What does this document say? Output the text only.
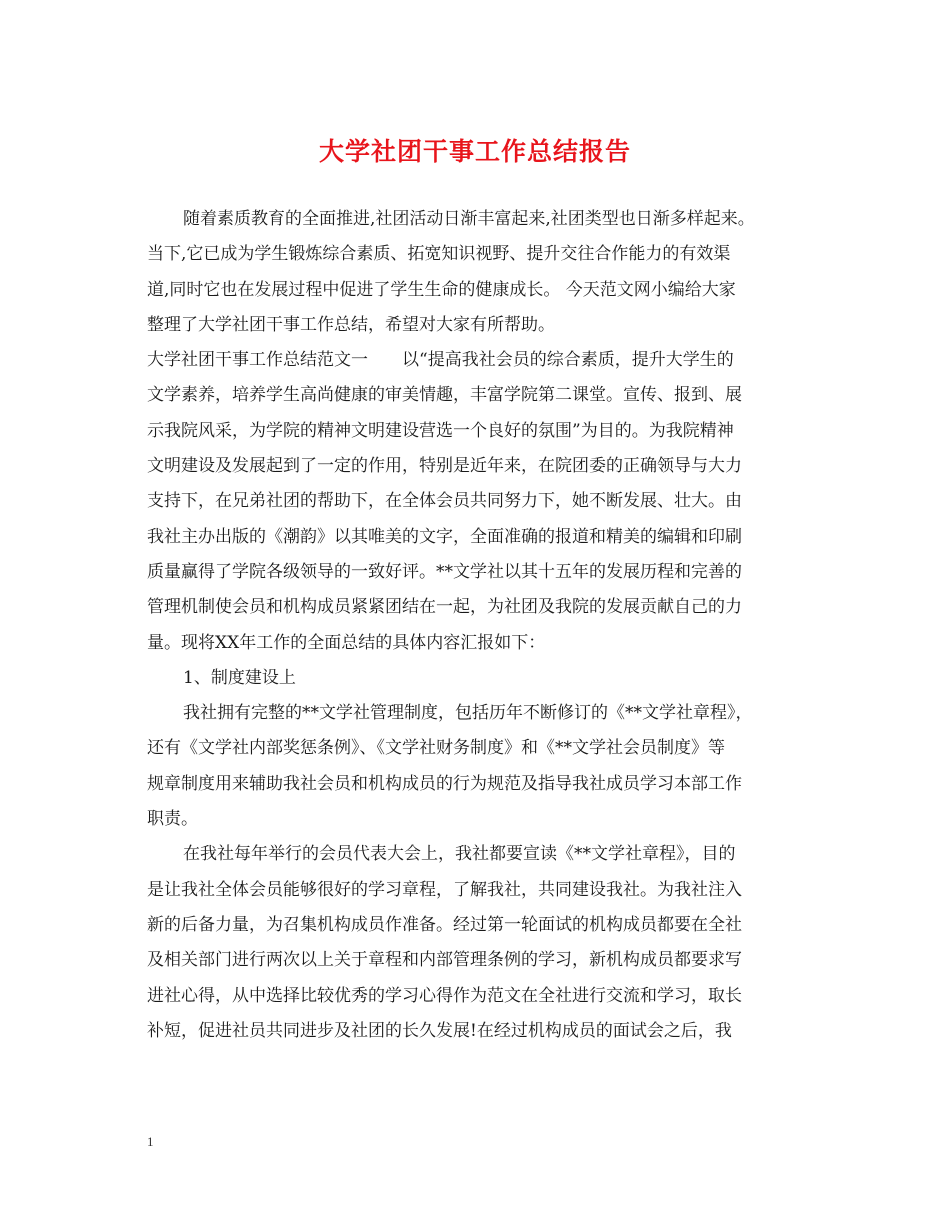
大学社团干事工作总结报告
随着素质教育的全面推进,社团活动日渐丰富起来,社团类型也日渐多样起来。
当下,它已成为学生锻炼综合素质、拓宽知识视野、提升交往合作能力的有效渠
道,同时它也在发展过程中促进了学生生命的健康成长。 今天范文网小编给大家
整理了大学社团干事工作总结，希望对大家有所帮助。
大学社团干事工作总结范文一　　以“提高我社会员的综合素质，提升大学生的
文学素养，培养学生高尚健康的审美情趣，丰富学院第二课堂。宣传、报到、展
示我院风采，为学院的精神文明建设营选一个良好的氛围”为目的。为我院精神
文明建设及发展起到了一定的作用，特别是近年来，在院团委的正确领导与大力
支持下，在兄弟社团的帮助下，在全体会员共同努力下，她不断发展、壮大。由
我社主办出版的《潮韵》以其唯美的文字，全面准确的报道和精美的编辑和印刷
质量赢得了学院各级领导的一致好评。**文学社以其十五年的发展历程和完善的
管理机制使会员和机构成员紧紧团结在一起，为社团及我院的发展贡献自己的力
量。现将XX年工作的全面总结的具体内容汇报如下：
1、制度建设上
我社拥有完整的**文学社管理制度，包括历年不断修订的《**文学社章程》，
还有《文学社内部奖惩条例》、《文学社财务制度》和《**文学社会员制度》等
规章制度用来辅助我社会员和机构成员的行为规范及指导我社成员学习本部工作
职责。
在我社每年举行的会员代表大会上，我社都要宣读《**文学社章程》，目的
是让我社全体会员能够很好的学习章程，了解我社，共同建设我社。为我社注入
新的后备力量，为召集机构成员作准备。经过第一轮面试的机构成员都要在全社
及相关部门进行两次以上关于章程和内部管理条例的学习，新机构成员都要求写
进社心得，从中选择比较优秀的学习心得作为范文在全社进行交流和学习，取长
补短，促进社员共同进步及社团的长久发展!在经过机构成员的面试会之后，我
1
